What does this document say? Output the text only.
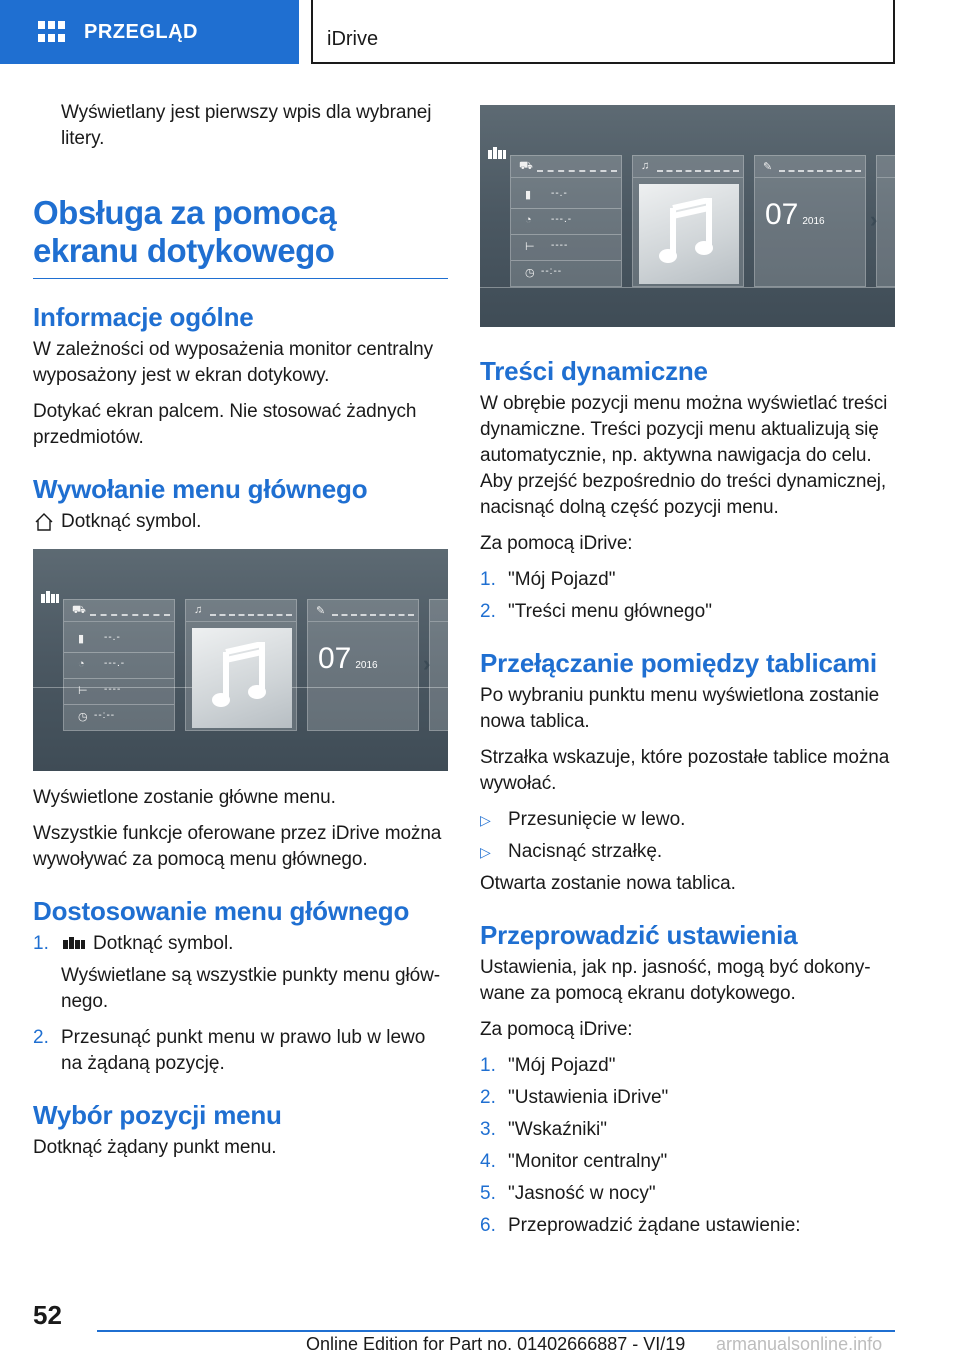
PRZEGLĄD	iDrive

Wyświetlany jest pierwszy wpis dla wybranej litery.

Obsługa za pomocą ekranu dotykowego
Informacje ogólne

W zależności od wyposażenia monitor centralny wyposażony jest w ekran dotykowy.

Dotykać ekran palcem. Nie stosować żadnych przedmiotów.

Wywołanie menu głównego
Dotknąć symbol.
⛟
▮ --.-
◔ ---.-
⊢ ----
◷ --:--
♫	✎
07 2016 ›

Wyświetlone zostanie główne menu.

Wszystkie funkcje oferowane przez iDrive można wywoływać za pomocą menu głównego.

Dostosowanie menu głównego
1.	Dotknąć symbol.

Wyświetlane są wszystkie punkty menu głów‐nego.

2. Przesunąć punkt menu w prawo lub w lewo na żądaną pozycję.
Wybór pozycji menu

Dotknąć żądany punkt menu.

⛟
▮ --.-
◔ ---.-
⊢ ----
◷ --:--
♫	✎
07 2016 ›
Treści dynamiczne

W obrębie pozycji menu można wyświetlać treści dynamiczne. Treści pozycji menu aktualizują się automatycznie, np. aktywna nawigacja do celu. Aby przejść bezpośrednio do treści dynamicznej, nacisnąć dolną część pozycji menu.

Za pomocą iDrive:

1. "Mój Pojazd"
2. "Treści menu głównego"
Przełączanie pomiędzy tablicami

Po wybraniu punktu menu wyświetlona zostanie nowa tablica.

Strzałka wskazuje, które pozostałe tablice można wywołać.

▷ Przesunięcie w lewo.
▷ Nacisnąć strzałkę.

Otwarta zostanie nowa tablica.

Przeprowadzić ustawienia

Ustawienia, jak np. jasność, mogą być dokony‐wane za pomocą ekranu dotykowego.

Za pomocą iDrive:

1. "Mój Pojazd"
2. "Ustawienia iDrive"
3. "Wskaźniki"
4. "Monitor centralny"
5. "Jasność w nocy"
6. Przeprowadzić żądane ustawienie:
52
Online Edition for Part no. 01402666887 - VI/19 armanualsonline.info
